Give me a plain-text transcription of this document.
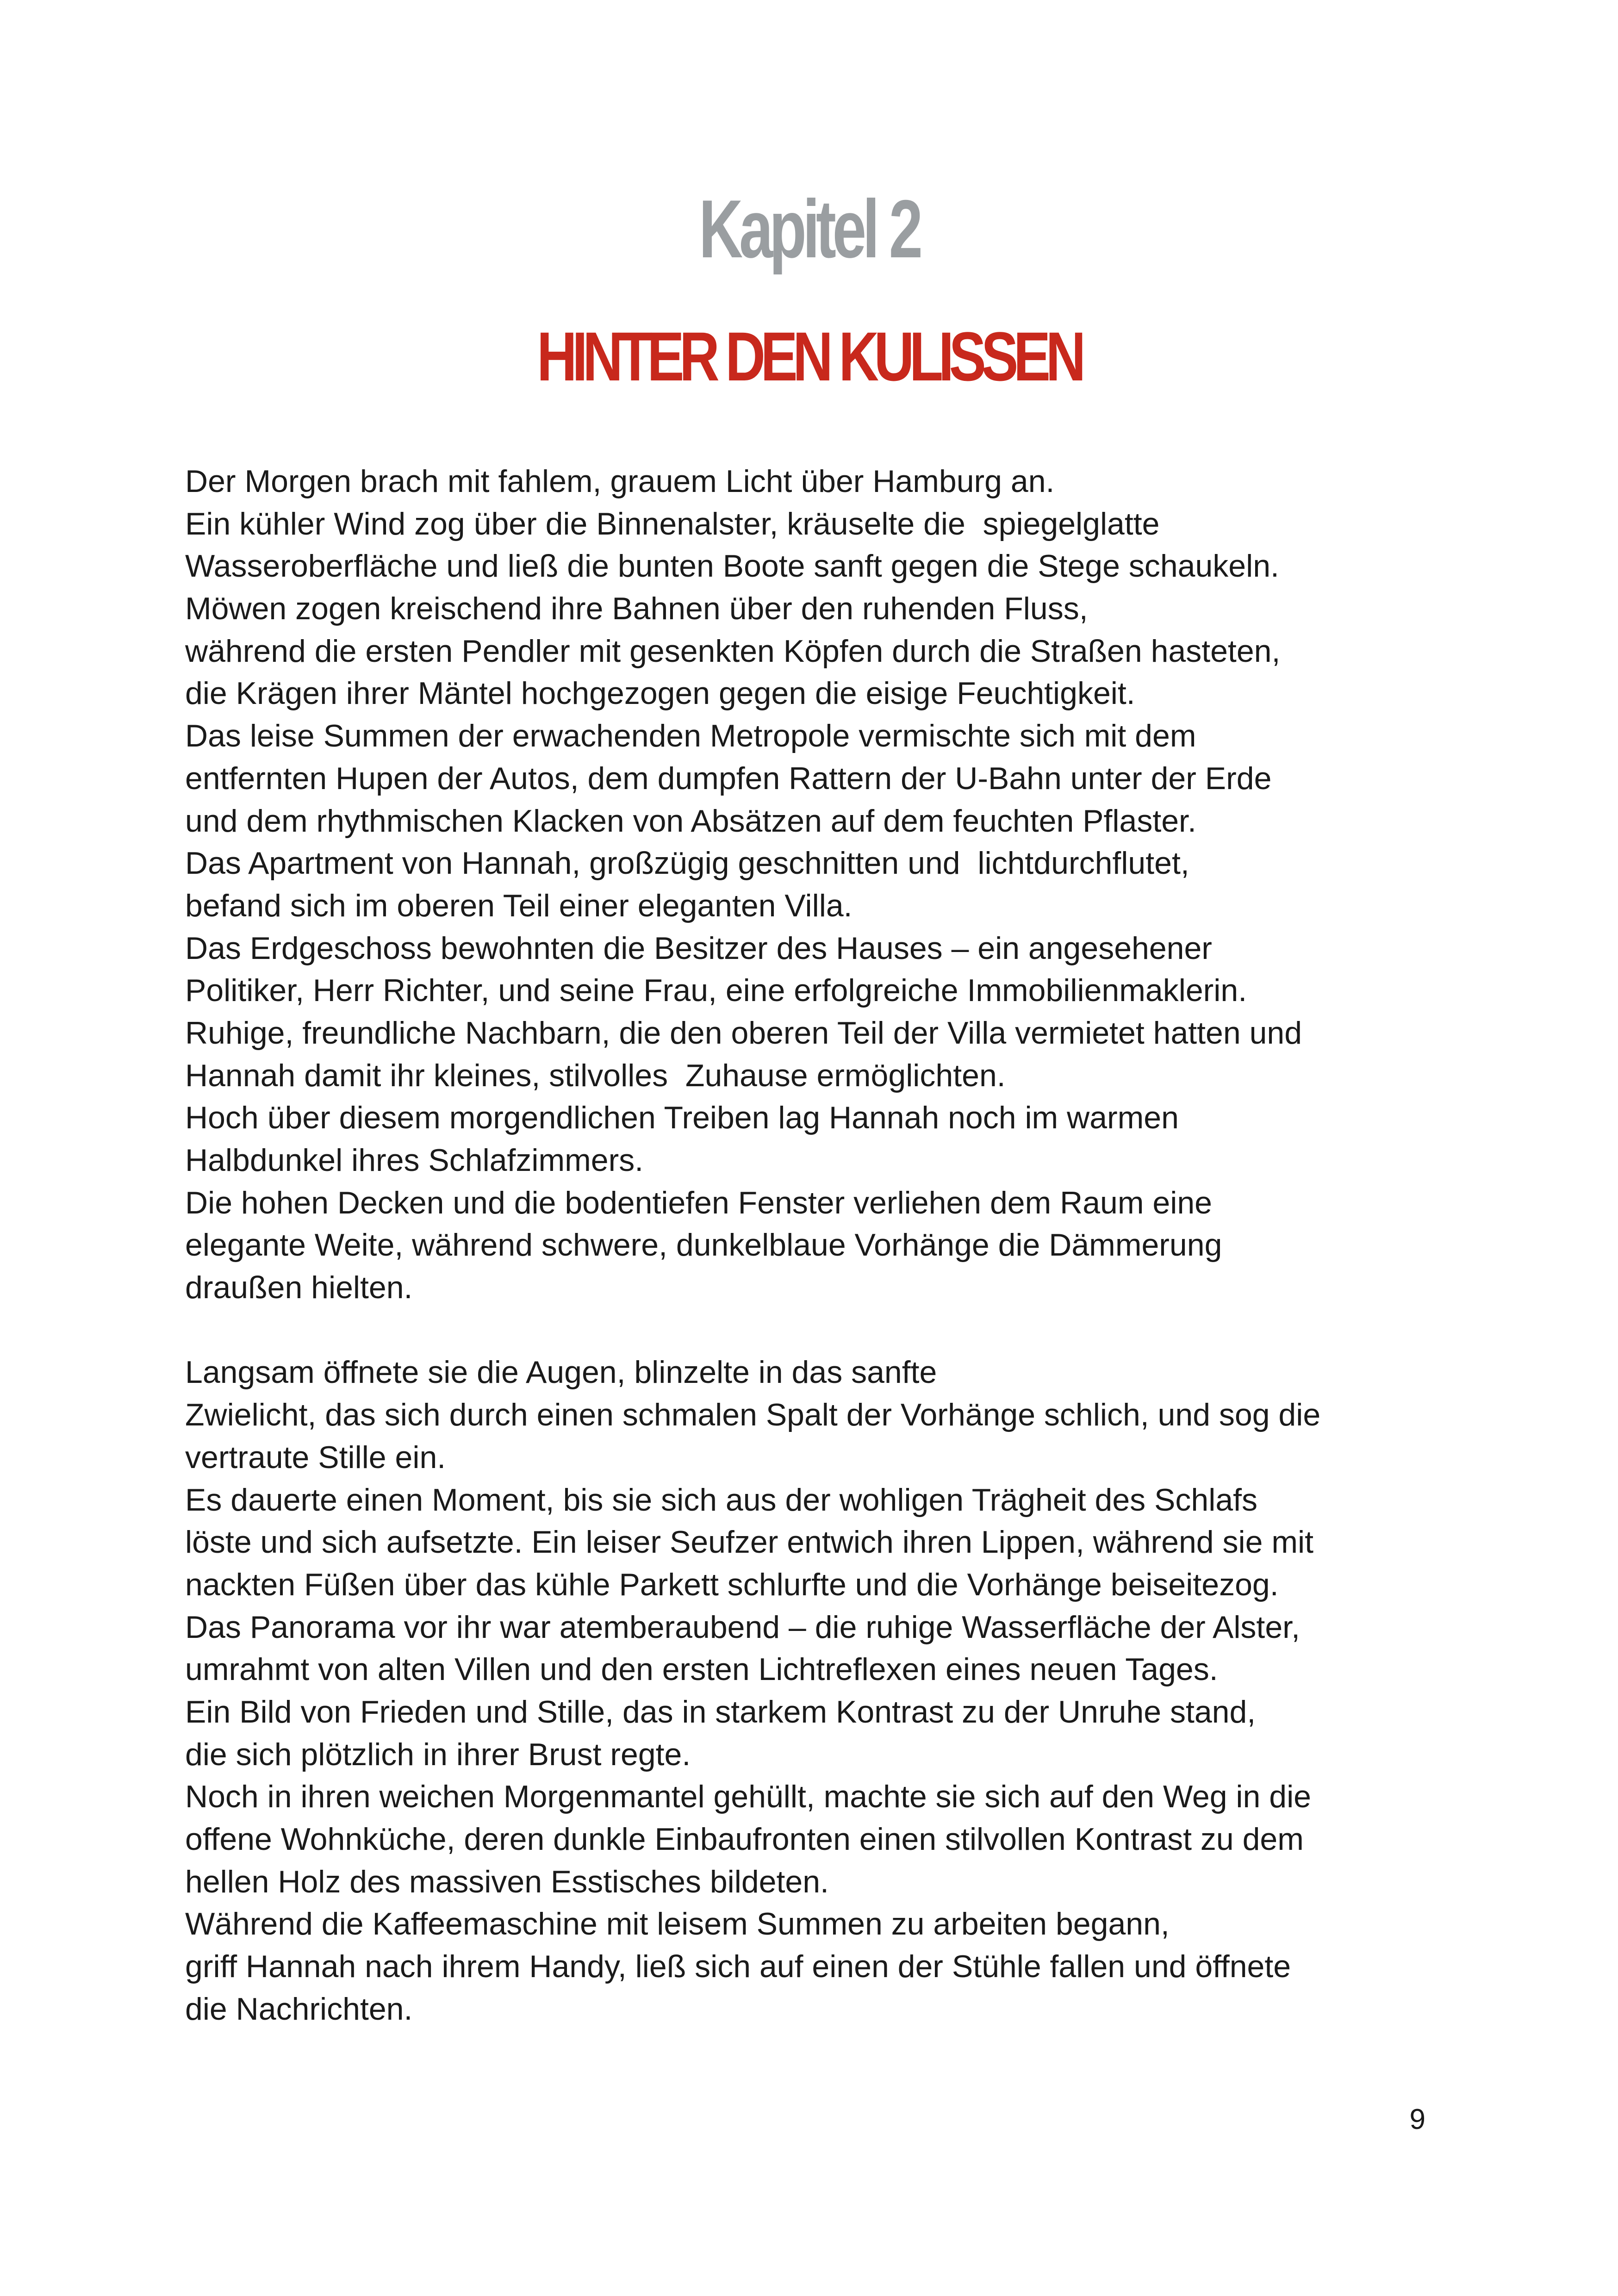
Kapitel 2
HINTER DEN KULISSEN
Der Morgen brach mit fahlem, grauem Licht über Hamburg an.
Ein kühler Wind zog über die Binnenalster, kräuselte die  spiegelglatte
Wasseroberfläche und ließ die bunten Boote sanft gegen die Stege schaukeln.
Möwen zogen kreischend ihre Bahnen über den ruhenden Fluss,
während die ersten Pendler mit gesenkten Köpfen durch die Straßen hasteten,
die Krägen ihrer Mäntel hochgezogen gegen die eisige Feuchtigkeit.
Das leise Summen der erwachenden Metropole vermischte sich mit dem
entfernten Hupen der Autos, dem dumpfen Rattern der U-Bahn unter der Erde
und dem rhythmischen Klacken von Absätzen auf dem feuchten Pflaster.
Das Apartment von Hannah, großzügig geschnitten und  lichtdurchflutet,
befand sich im oberen Teil einer eleganten Villa.
Das Erdgeschoss bewohnten die Besitzer des Hauses – ein angesehener
Politiker, Herr Richter, und seine Frau, eine erfolgreiche Immobilienmaklerin.
Ruhige, freundliche Nachbarn, die den oberen Teil der Villa vermietet hatten und
Hannah damit ihr kleines, stilvolles  Zuhause ermöglichten.
Hoch über diesem morgendlichen Treiben lag Hannah noch im warmen
Halbdunkel ihres Schlafzimmers.
Die hohen Decken und die bodentiefen Fenster verliehen dem Raum eine
elegante Weite, während schwere, dunkelblaue Vorhänge die Dämmerung
draußen hielten.
Langsam öffnete sie die Augen, blinzelte in das sanfte
Zwielicht, das sich durch einen schmalen Spalt der Vorhänge schlich, und sog die
vertraute Stille ein.
Es dauerte einen Moment, bis sie sich aus der wohligen Trägheit des Schlafs
löste und sich aufsetzte. Ein leiser Seufzer entwich ihren Lippen, während sie mit
nackten Füßen über das kühle Parkett schlurfte und die Vorhänge beiseitezog.
Das Panorama vor ihr war atemberaubend – die ruhige Wasserfläche der Alster,
umrahmt von alten Villen und den ersten Lichtreflexen eines neuen Tages.
Ein Bild von Frieden und Stille, das in starkem Kontrast zu der Unruhe stand,
die sich plötzlich in ihrer Brust regte.
Noch in ihren weichen Morgenmantel gehüllt, machte sie sich auf den Weg in die
offene Wohnküche, deren dunkle Einbaufronten einen stilvollen Kontrast zu dem
hellen Holz des massiven Esstisches bildeten.
Während die Kaffeemaschine mit leisem Summen zu arbeiten begann,
griff Hannah nach ihrem Handy, ließ sich auf einen der Stühle fallen und öffnete
die Nachrichten.
9
